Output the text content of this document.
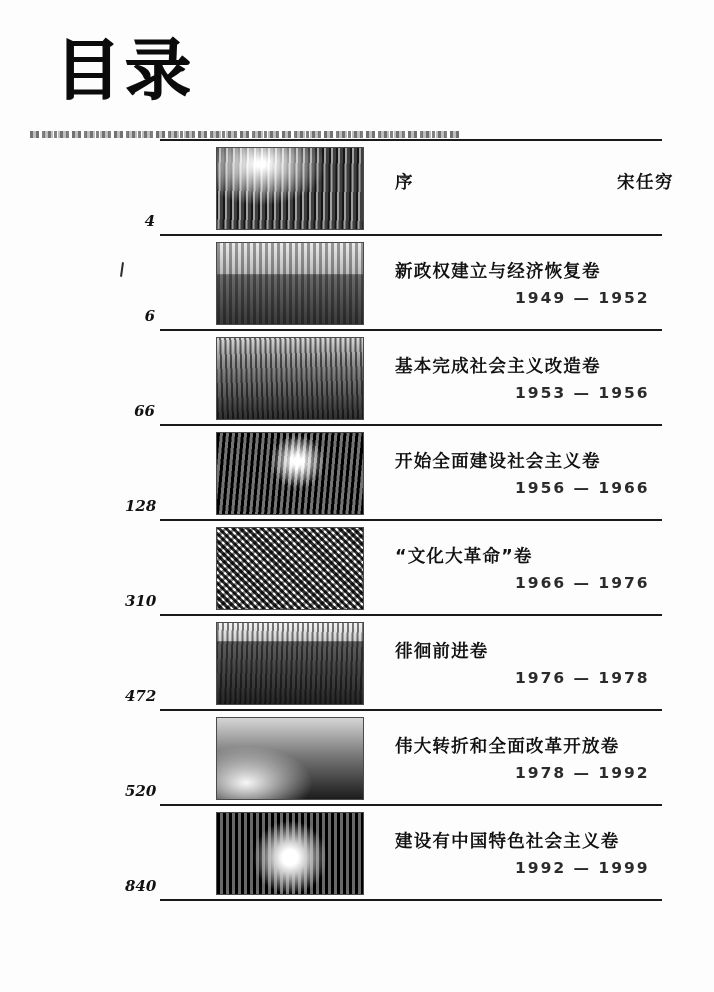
目录
4
序	宋任穷
6
新政权建立与经济恢复卷
1949 — 1952
66
基本完成社会主义改造卷
1953 — 1956
128
开始全面建设社会主义卷
1956 — 1966
310
“文化大革命”卷
1966 — 1976
472
徘徊前进卷
1976 — 1978
520
伟大转折和全面改革开放卷
1978 — 1992
840
建设有中国特色社会主义卷
1992 — 1999
